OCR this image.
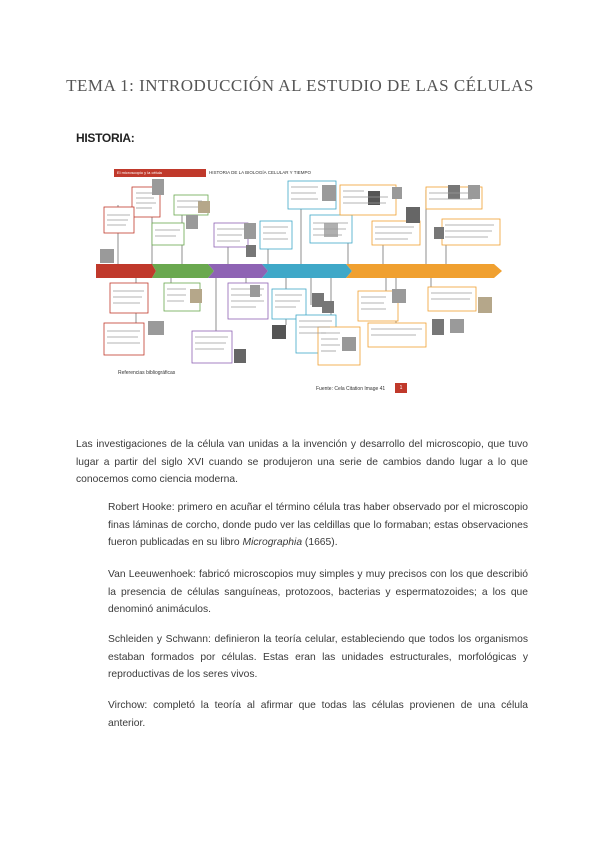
TEMA 1: INTRODUCCIÓN AL ESTUDIO DE LAS CÉLULAS
HISTORIA:
El microscopio y la célula	HISTORIA DE LA BIOLOGÍA CELULAR Y TIEMPO
Referencias bibliográficas
Fuente: Cela Citation Image 41	1

Las investigaciones de la célula van unidas a la invención y desarrollo del microscopio, que tuvo lugar a partir del siglo XVI cuando se produjeron una serie de cambios dando lugar a lo que conocemos como ciencia moderna.

Robert Hooke: primero en acuñar el término célula tras haber observado por el microscopio finas láminas de corcho, donde pudo ver las celdillas que lo formaban; estas observaciones fueron publicadas en su libro Micrographia (1665).

Van Leeuwenhoek: fabricó microscopios muy simples y muy precisos con los que describió la presencia de células sanguíneas, protozoos, bacterias y espermatozoides; a los que denominó animáculos.

Schleiden y Schwann: definieron la teoría celular, estableciendo que todos los organismos estaban formados por células. Estas eran las unidades estructurales, morfológicas y reproductivas de los seres vivos.

Virchow: completó la teoría al afirmar que todas las células provienen de una célula anterior.
